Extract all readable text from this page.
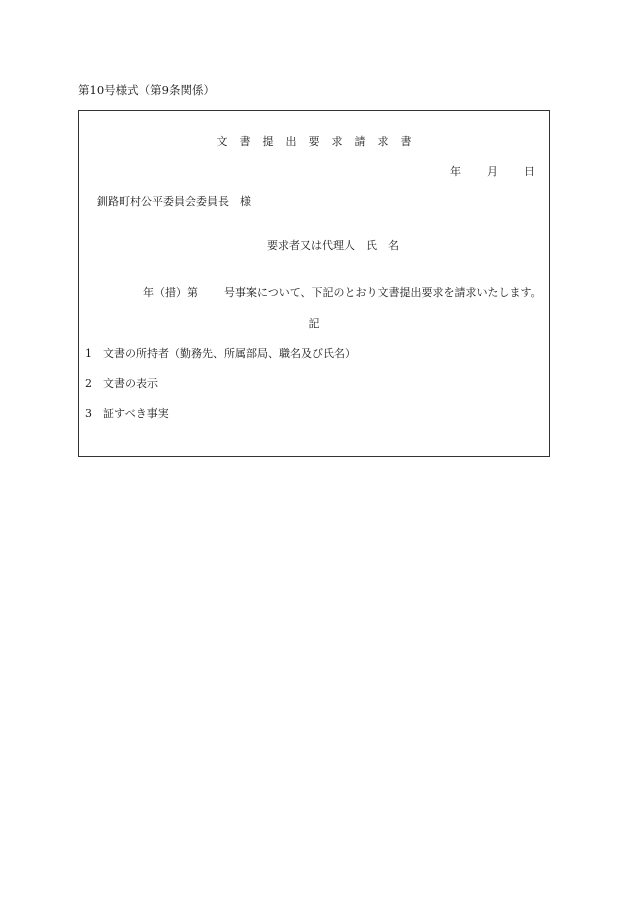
第10号様式（第9条関係）
文書提出要求請求書
年 月 日
釧路町村公平委員会委員長　様
要求者又は代理人　氏　名
年（措）第 号事案について、下記のとおり文書提出要求を請求いたします。
記
1 文書の所持者（勤務先、所属部局、職名及び氏名）
2 文書の表示
3 証すべき事実
